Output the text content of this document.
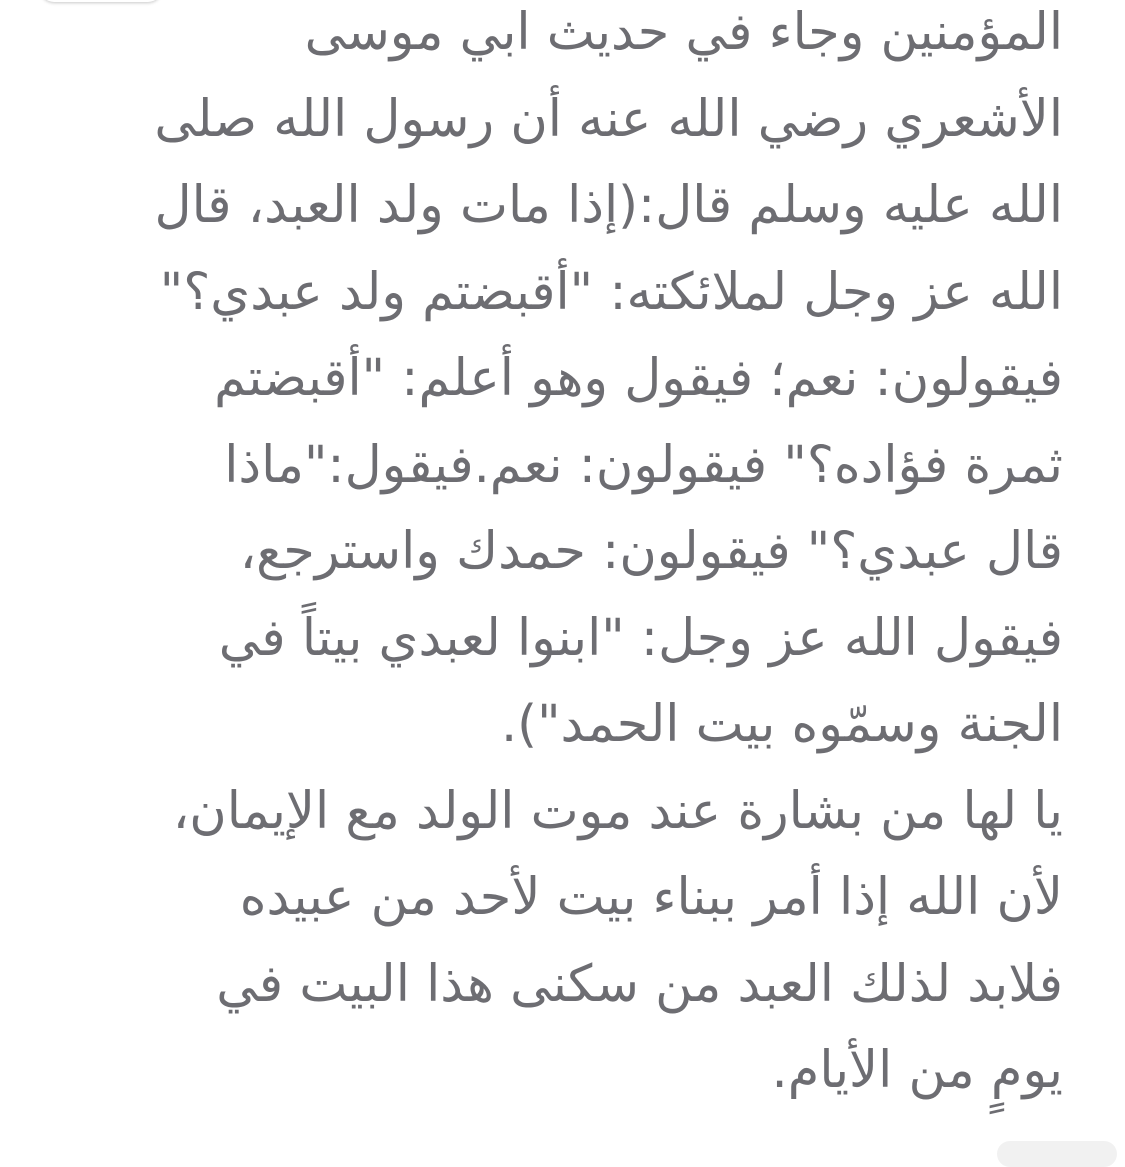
المؤمنين وجاء في حديث ابي موسى
الأشعري رضي الله عنه أن رسول الله صلى
الله عليه وسلم قال:(إذا مات ولد العبد، قال
الله عز وجل لملائكته: "أقبضتم ولد عبدي؟"
فيقولون: نعم؛ فيقول وهو أعلم: "أقبضتم
ثمرة فؤاده؟" فيقولون: نعم.فيقول:"ماذا
قال عبدي؟" فيقولون: حمدك واسترجع،
فيقول الله عز وجل: "ابنوا لعبدي بيتاً في
الجنة وسمّوه بيت الحمد").
يا لها من بشارة عند موت الولد مع الإيمان،
لأن الله إذا أمر ببناء بيت لأحد من عبيده
فلابد لذلك العبد من سكنى هذا البيت في
يومٍ من الأيام.
